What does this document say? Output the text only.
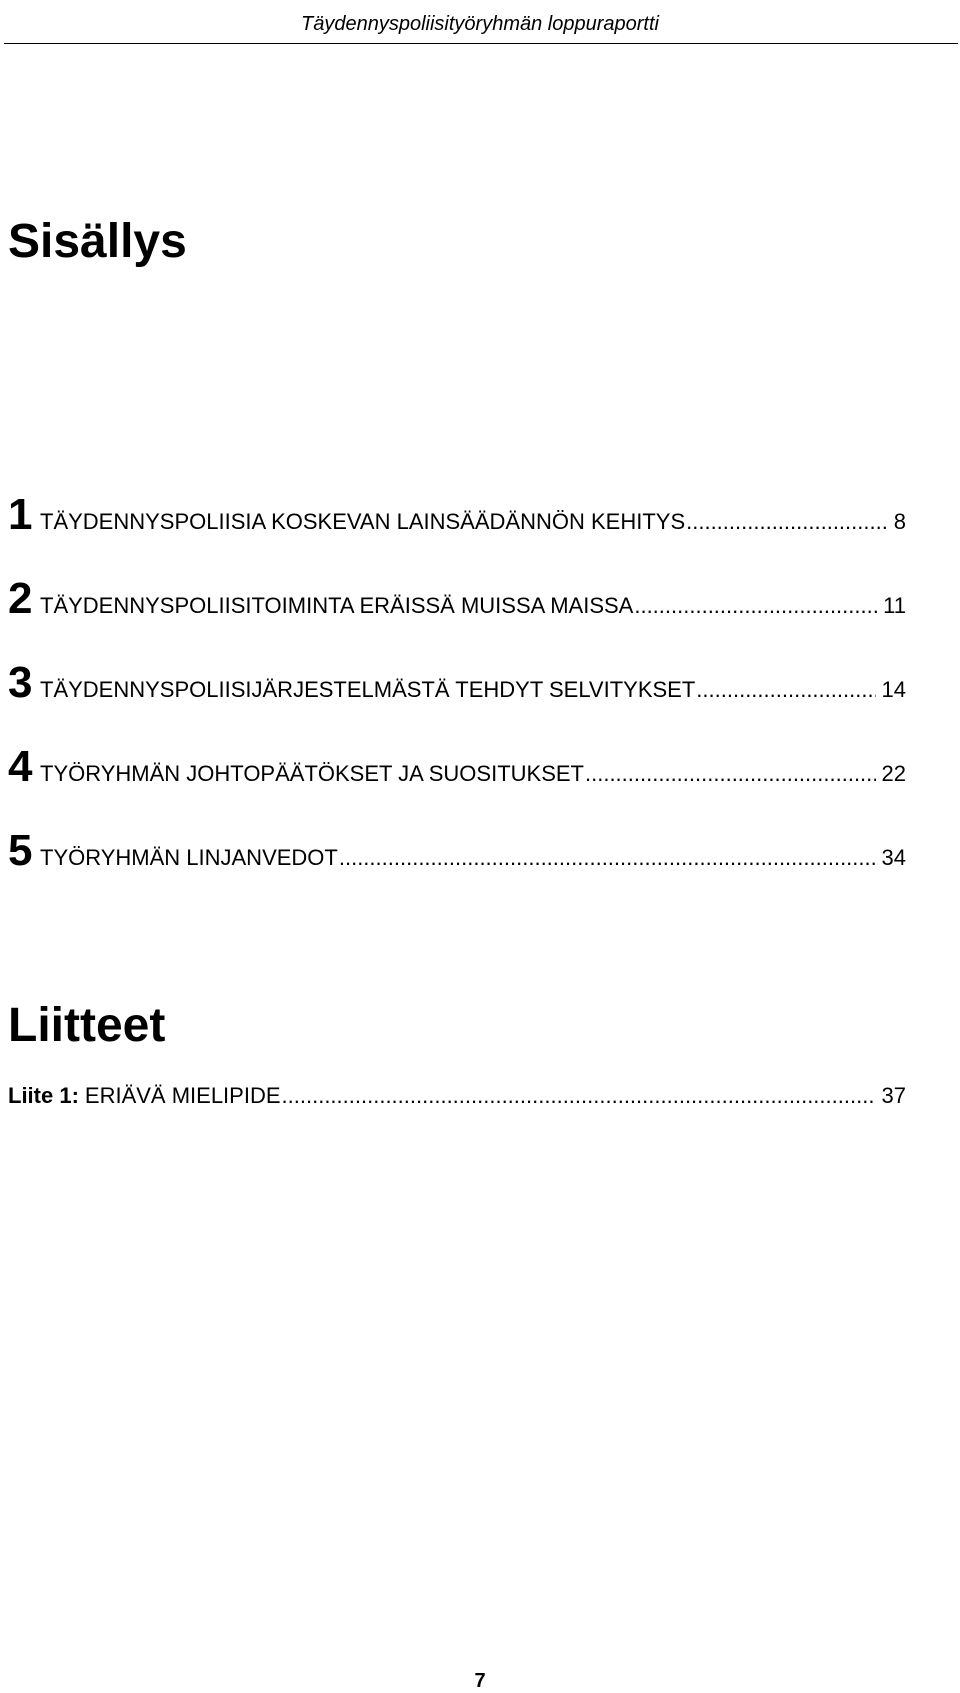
Täydennyspoliisityöryhmän loppuraportti
Sisällys
1 TÄYDENNYSPOLIISIA KOSKEVAN LAINSÄÄDÄNNÖN KEHITYS .....	8
2 TÄYDENNYSPOLIISITOIMINTA ERÄISSÄ MUISSA MAISSA .....	11
3 TÄYDENNYSPOLIISIJÄRJESTELMÄSTÄ TEHDYT SELVITYKSET .....	14
4 TYÖRYHMÄN JOHTOPÄÄTÖKSET JA SUOSITUKSET .....	22
5 TYÖRYHMÄN LINJANVEDOT .....	34
Liitteet
Liite 1: ERIÄVÄ MIELIPIDE .....	37
7
